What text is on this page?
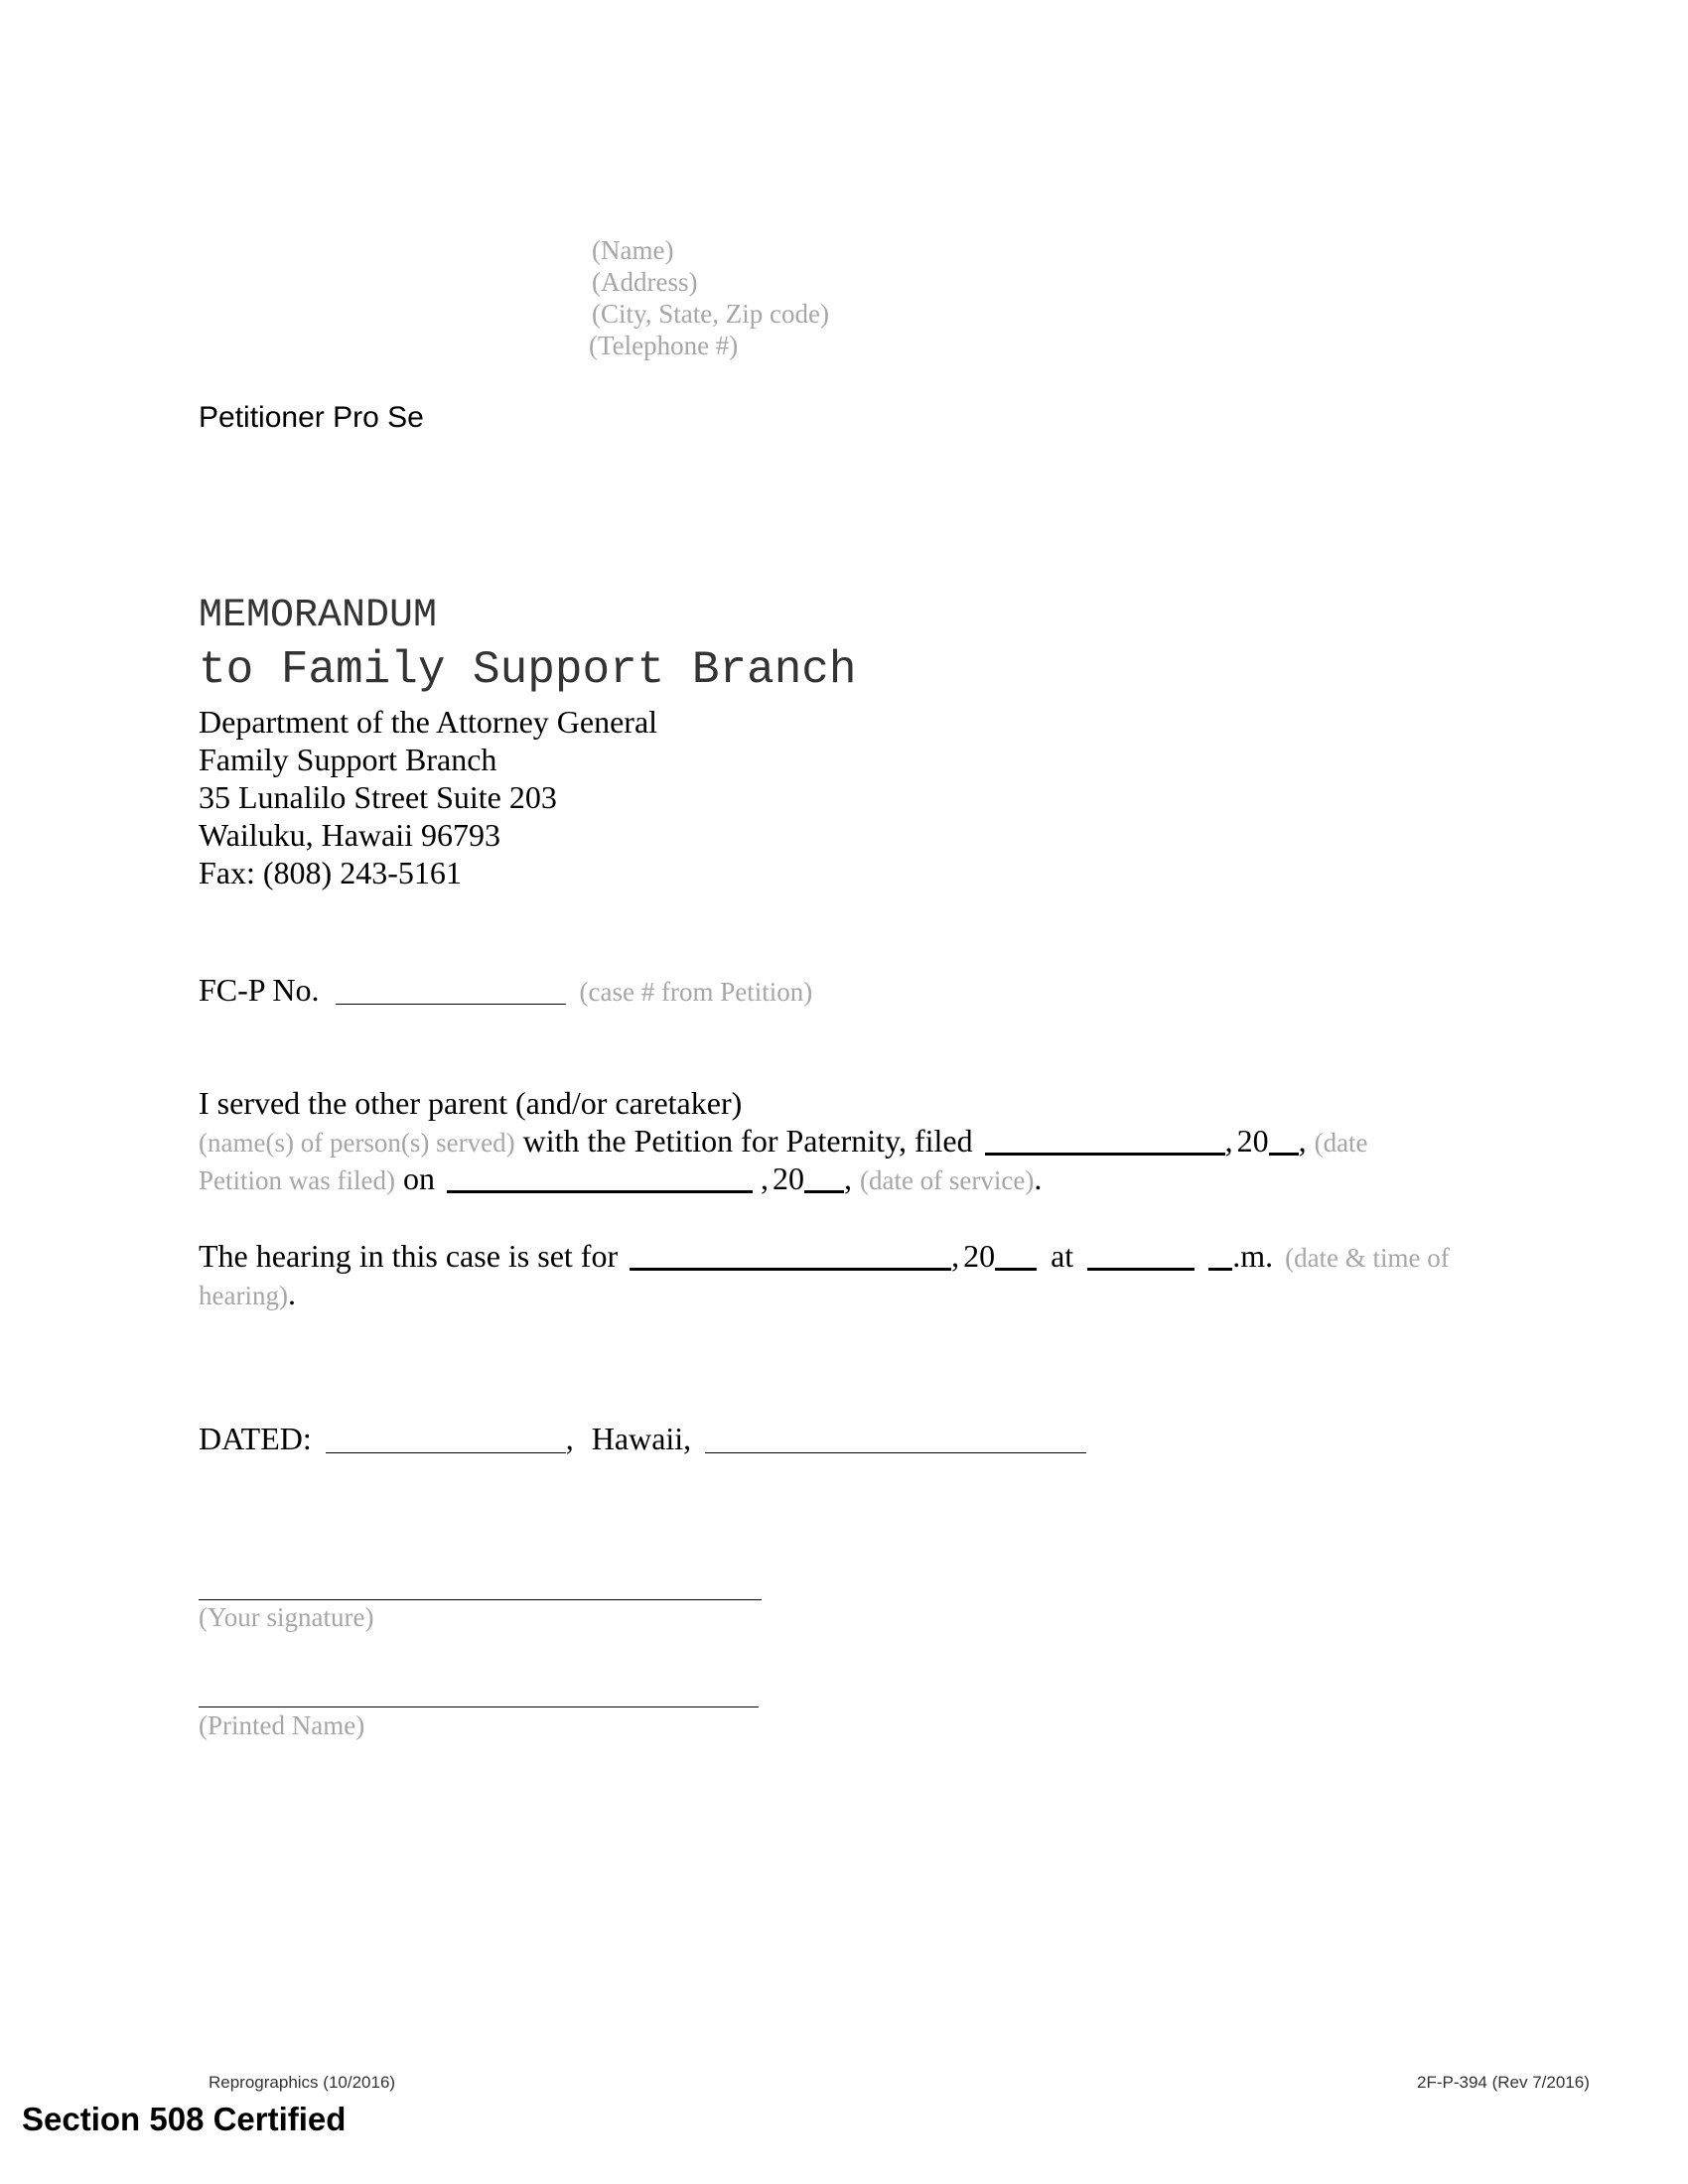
(Name)
(Address)
(City, State, Zip code)
(Telephone #)
Petitioner Pro Se
MEMORANDUM
to Family Support Branch
Department of the Attorney General
Family Support Branch
35 Lunalilo Street Suite 203
Wailuku, Hawaii 96793
Fax: (808) 243-5161
FC-P No.	(case # from Petition)
I served the other parent (and/or caretaker)
(name(s) of person(s) served) with the Petition for Paternity, filed	, 20 , (date
Petition was filed) on	, 20 , (date of service).
The hearing in this case is set for	, 20 at	.m. (date & time of
hearing).
DATED:	, Hawaii,
(Your signature)
(Printed Name)
Reprographics (10/2016)	2F-P-394 (Rev 7/2016)
Section 508 Certified
